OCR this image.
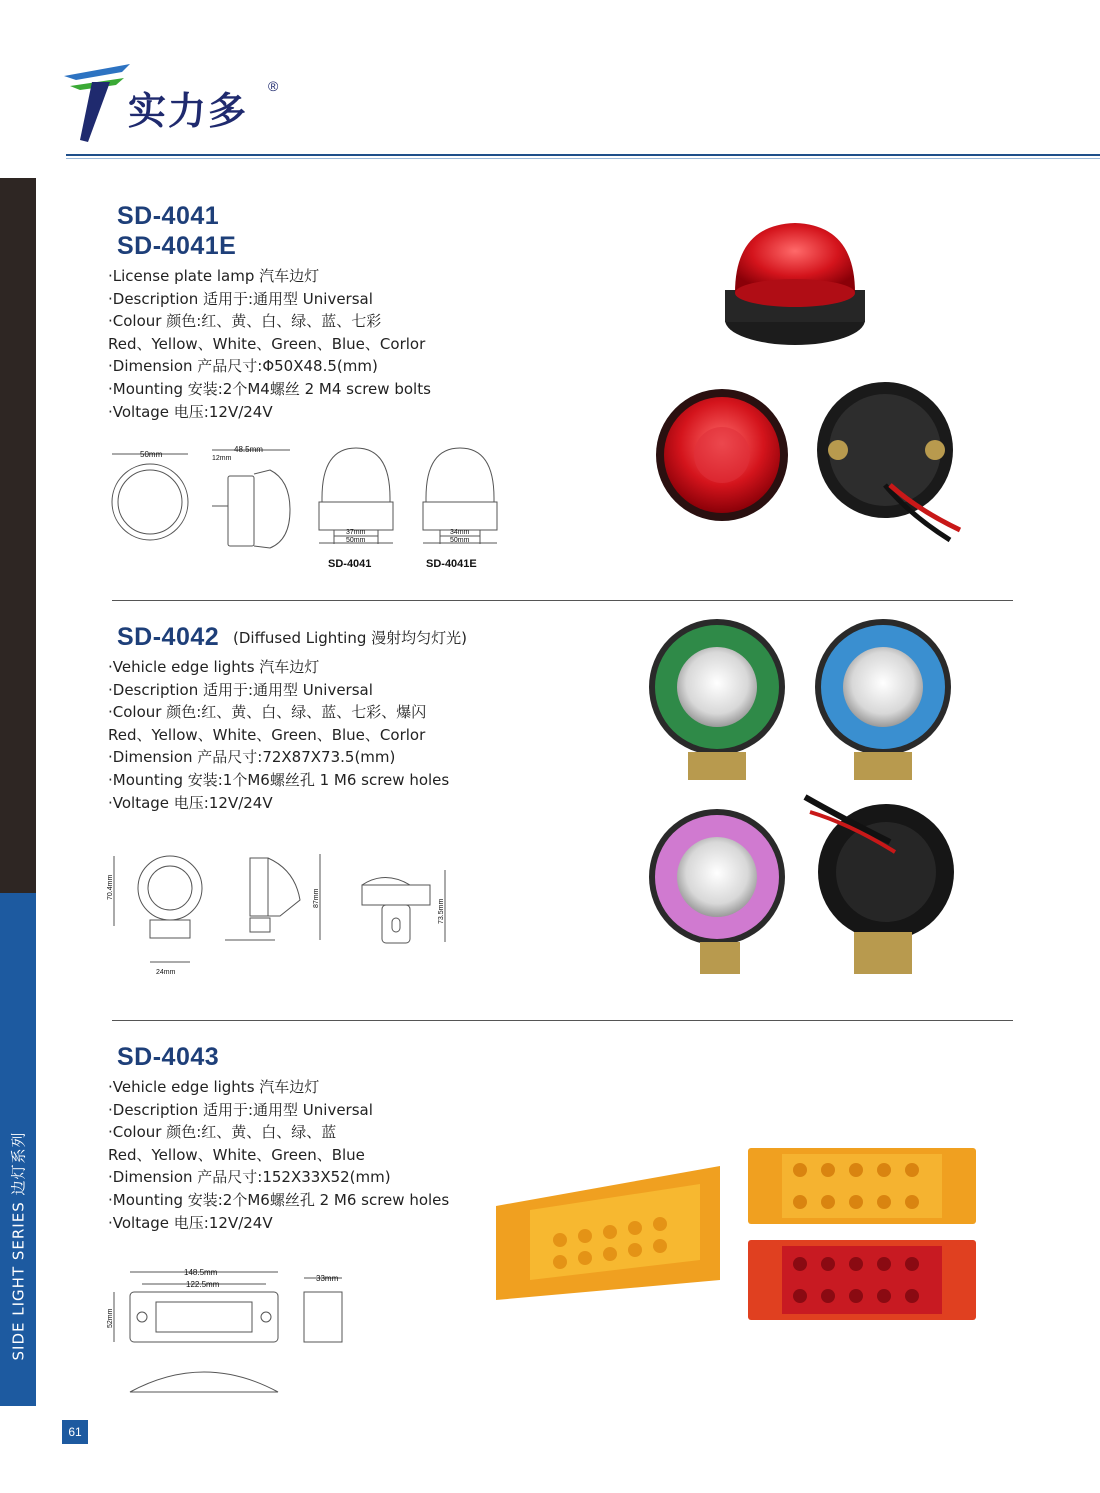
实力多
®
SIDE LIGHT SERIES 边灯系列
61
SD-4041
SD-4041E
·License plate lamp 汽车边灯
·Description 适用于:通用型 Universal
·Colour 颜色:红、黄、白、绿、蓝、七彩
Red、Yellow、White、Green、Blue、Corlor
·Dimension 产品尺寸:Φ50X48.5(mm)
·Mounting 安装:2个M4螺丝 2 M4 screw bolts
·Voltage 电压:12V/24V
50mm
48.5mm
12mm
37mm
50mm
34mm
50mm
SD-4041	SD-4041E
SD-4042 (Diffused Lighting 漫射均匀灯光)
·Vehicle edge lights 汽车边灯
·Description 适用于:通用型 Universal
·Colour 颜色:红、黄、白、绿、蓝、七彩、爆闪
Red、Yellow、White、Green、Blue、Corlor
·Dimension 产品尺寸:72X87X73.5(mm)
·Mounting 安装:1个M6螺丝孔 1 M6 screw holes
·Voltage 电压:12V/24V
70.4mm
24mm
87mm
73.5mm
SD-4043
·Vehicle edge lights 汽车边灯
·Description 适用于:通用型 Universal
·Colour 颜色:红、黄、白、绿、蓝
Red、Yellow、White、Green、Blue
·Dimension 产品尺寸:152X33X52(mm)
·Mounting 安装:2个M6螺丝孔 2 M6 screw holes
·Voltage 电压:12V/24V
148.5mm
122.5mm
52mm
33mm
